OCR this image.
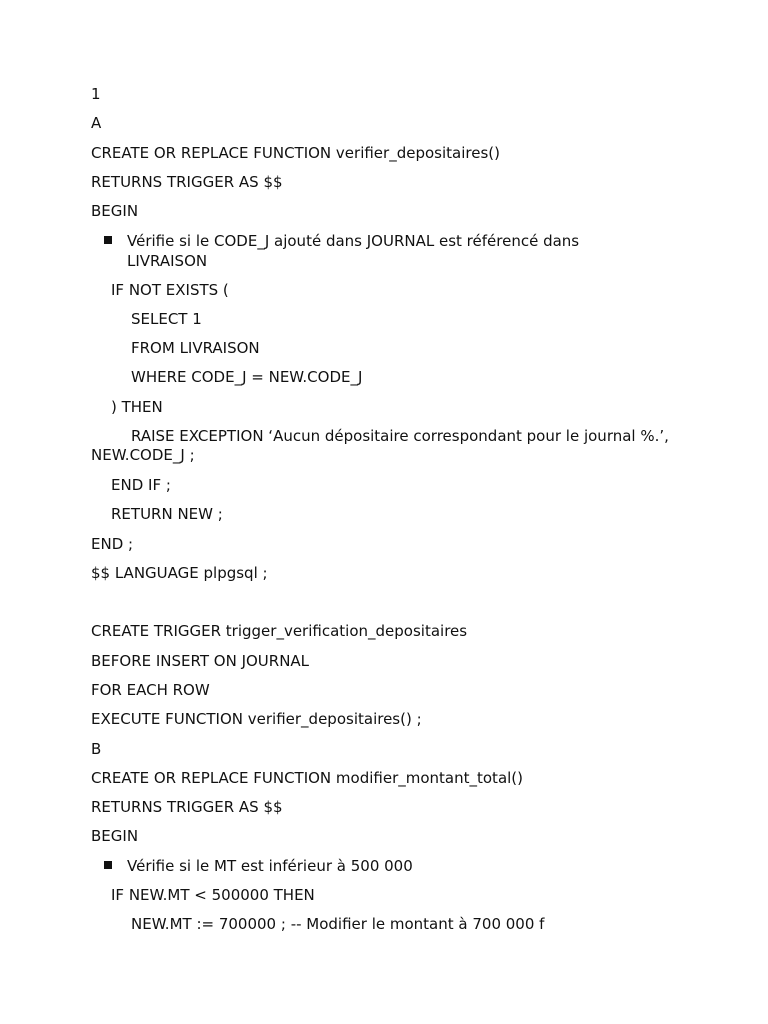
1
A
CREATE OR REPLACE FUNCTION verifier_depositaires()
RETURNS TRIGGER AS $$
BEGIN
Vérifie si le CODE_J ajouté dans JOURNAL est référencé dans LIVRAISON
IF NOT EXISTS (
SELECT 1
FROM LIVRAISON
WHERE CODE_J = NEW.CODE_J
) THEN
RAISE EXCEPTION ‘Aucun dépositaire correspondant pour le journal %.’, NEW.CODE_J ;
END IF ;
RETURN NEW ;
END ;
$$ LANGUAGE plpgsql ;
CREATE TRIGGER trigger_verification_depositaires
BEFORE INSERT ON JOURNAL
FOR EACH ROW
EXECUTE FUNCTION verifier_depositaires() ;
B
CREATE OR REPLACE FUNCTION modifier_montant_total()
RETURNS TRIGGER AS $$
BEGIN
Vérifie si le MT est inférieur à 500 000
IF NEW.MT < 500000 THEN
NEW.MT := 700000 ; -- Modifier le montant à 700 000 f
